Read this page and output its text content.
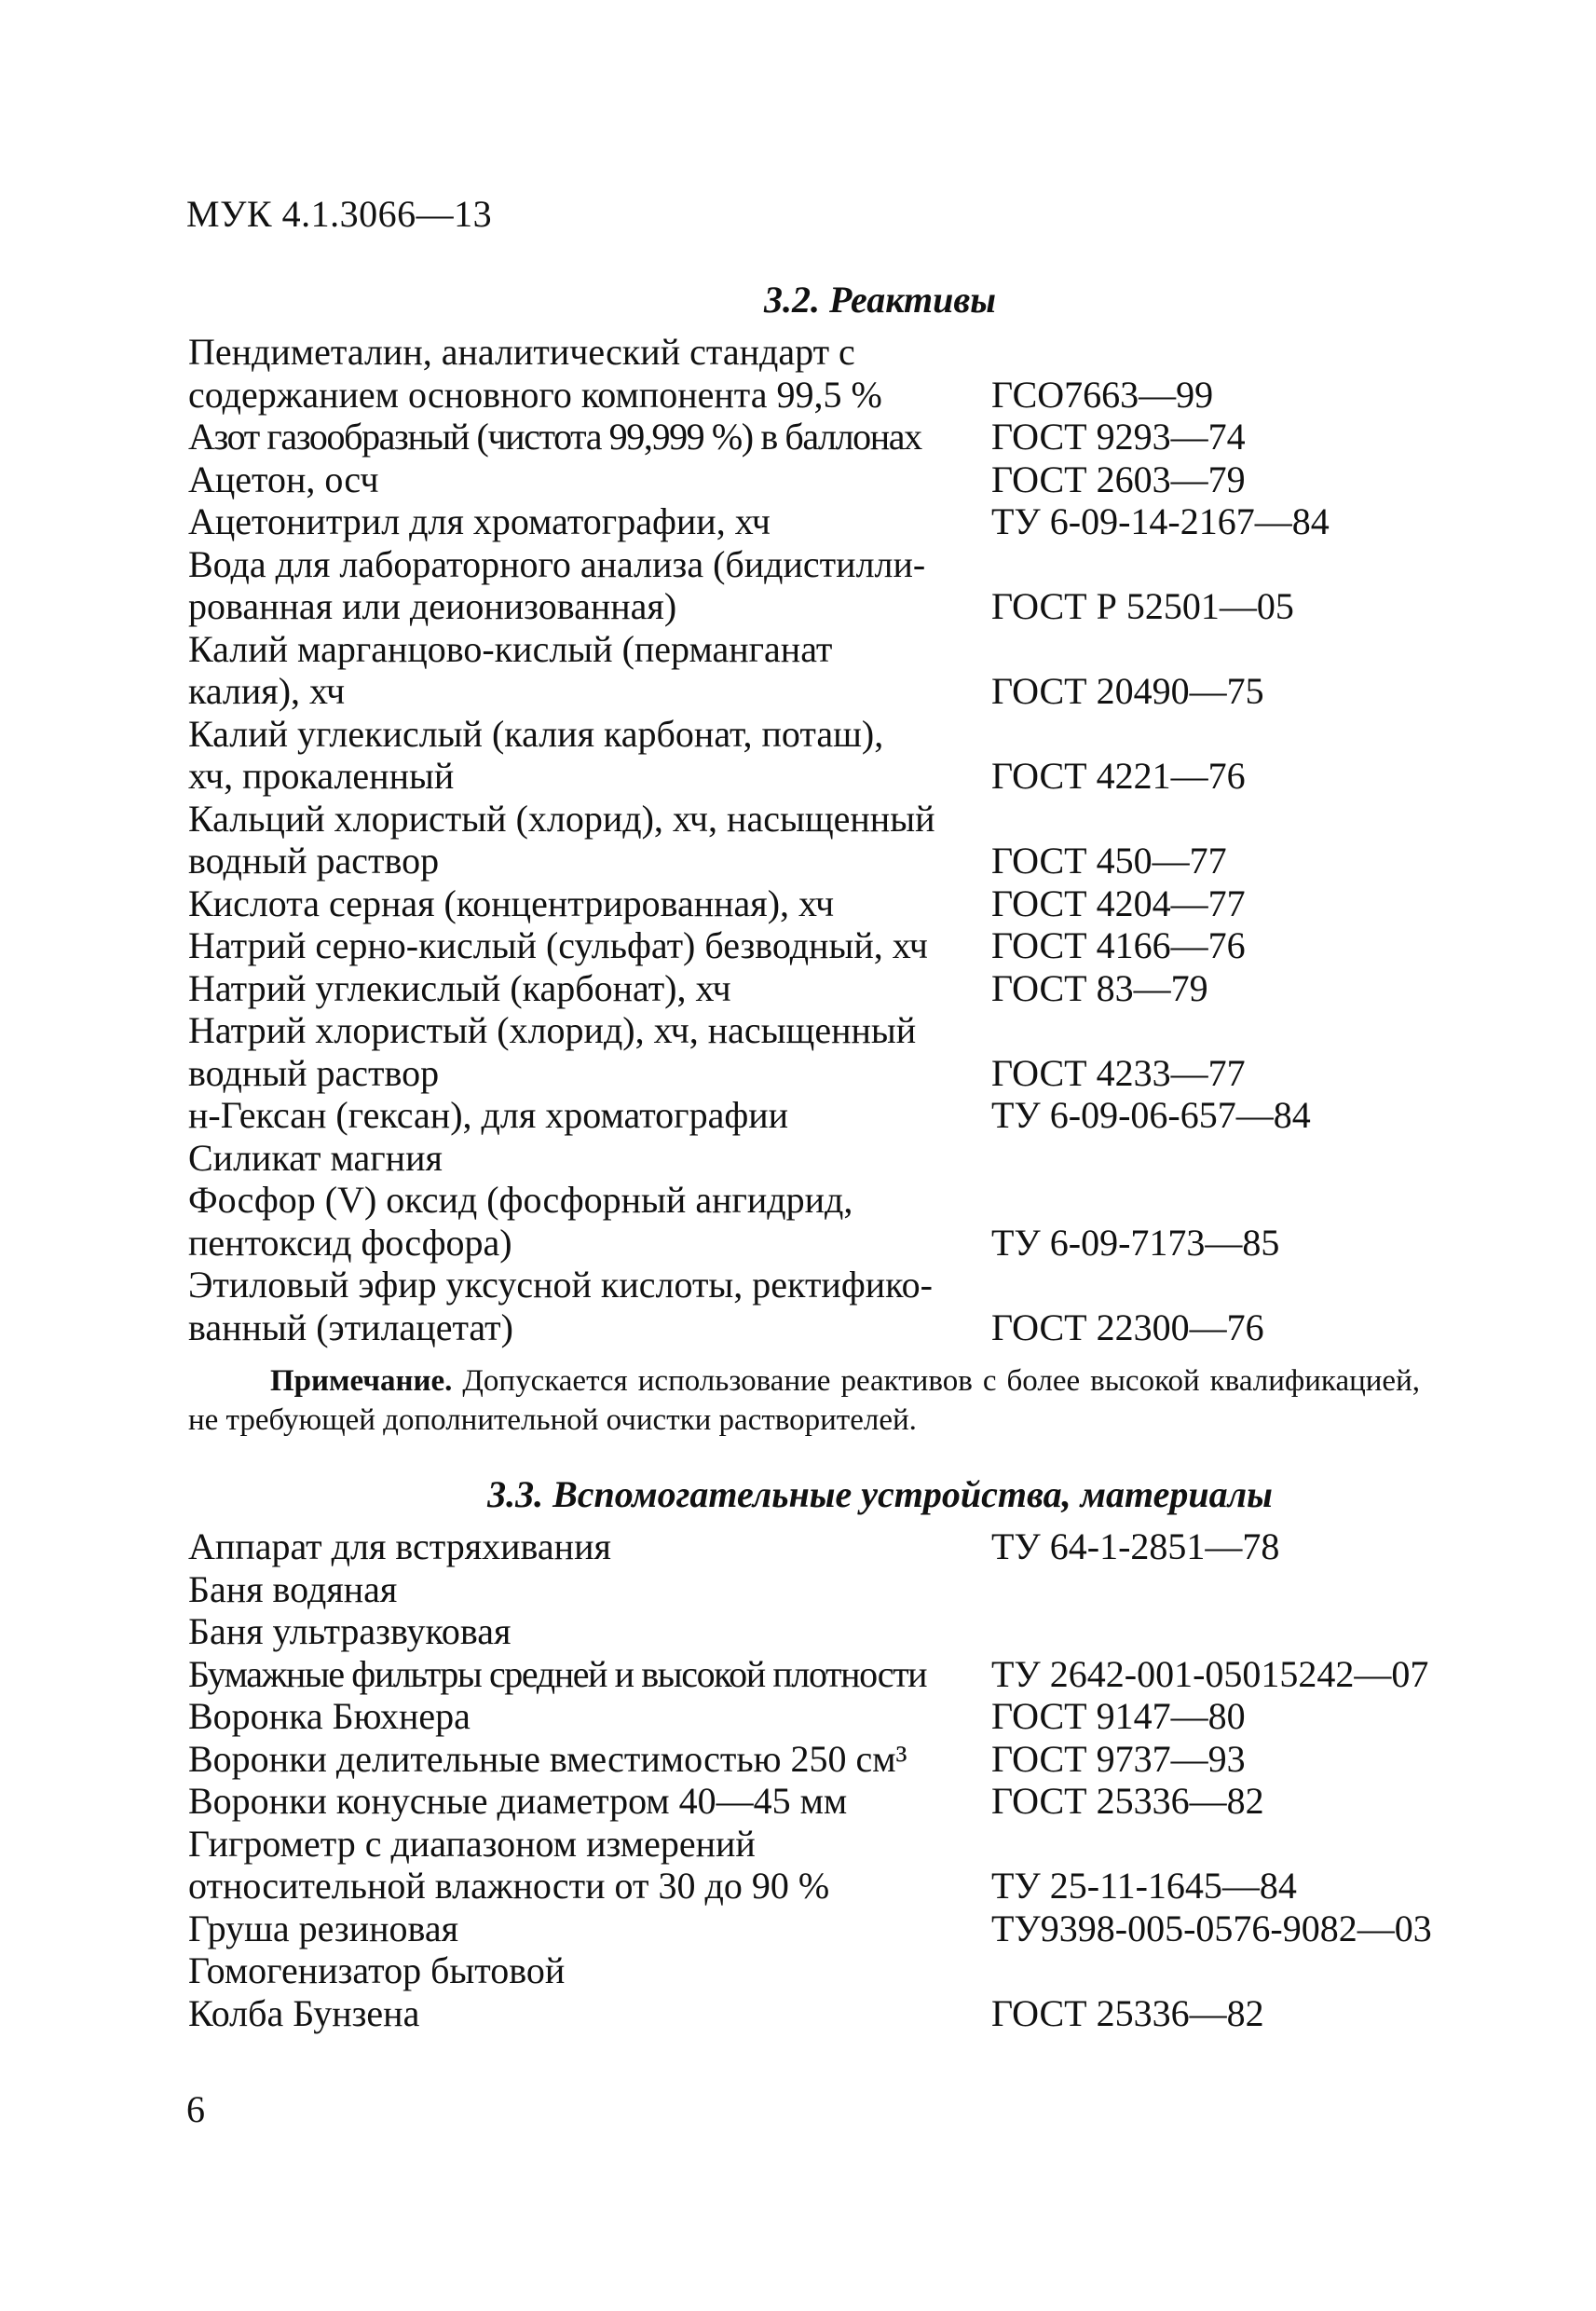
МУК 4.1.3066—13
3.2. Реактивы
Пендиметалин, аналитический стандарт с
содержанием основного компонента 99,5 %	ГСО7663—99
Азот газообразный (чистота 99,999 %) в баллонах	ГОСТ 9293—74
Ацетон, осч	ГОСТ 2603—79
Ацетонитрил для хроматографии, хч	ТУ 6-09-14-2167—84
Вода для лабораторного анализа (бидистилли-
рованная или деионизованная)	ГОСТ Р 52501—05
Калий марганцово-кислый (перманганат
калия), хч	ГОСТ 20490—75
Калий углекислый (калия карбонат, поташ),
хч, прокаленный	ГОСТ 4221—76
Кальций хлористый (хлорид), хч, насыщенный
водный раствор	ГОСТ 450—77
Кислота серная (концентрированная), хч	ГОСТ 4204—77
Натрий серно-кислый (сульфат) безводный, хч	ГОСТ 4166—76
Натрий углекислый (карбонат), хч	ГОСТ 83—79
Натрий хлористый (хлорид), хч, насыщенный
водный раствор	ГОСТ 4233—77
н-Гексан (гексан), для хроматографии	ТУ 6-09-06-657—84
Силикат магния
Фосфор (V) оксид (фосфорный ангидрид,
пентоксид фосфора)	ТУ 6-09-7173—85
Этиловый эфир уксусной кислоты, ректифико-
ванный (этилацетат)	ГОСТ 22300—76
Примечание. Допускается использование реактивов с более высокой квалификацией, не требующей дополнительной очистки растворителей.
3.3. Вспомогательные устройства, материалы
Аппарат для встряхивания	ТУ 64-1-2851—78
Баня водяная
Баня ультразвуковая
Бумажные фильтры средней и высокой плотности	ТУ 2642-001-05015242—07
Воронка Бюхнера	ГОСТ 9147—80
Воронки делительные вместимостью 250 см³	ГОСТ 9737—93
Воронки конусные диаметром 40—45 мм	ГОСТ 25336—82
Гигрометр с диапазоном измерений
относительной влажности от 30 до 90 %	ТУ 25-11-1645—84
Груша резиновая	ТУ9398-005-0576-9082—03
Гомогенизатор бытовой
Колба Бунзена	ГОСТ 25336—82
6
